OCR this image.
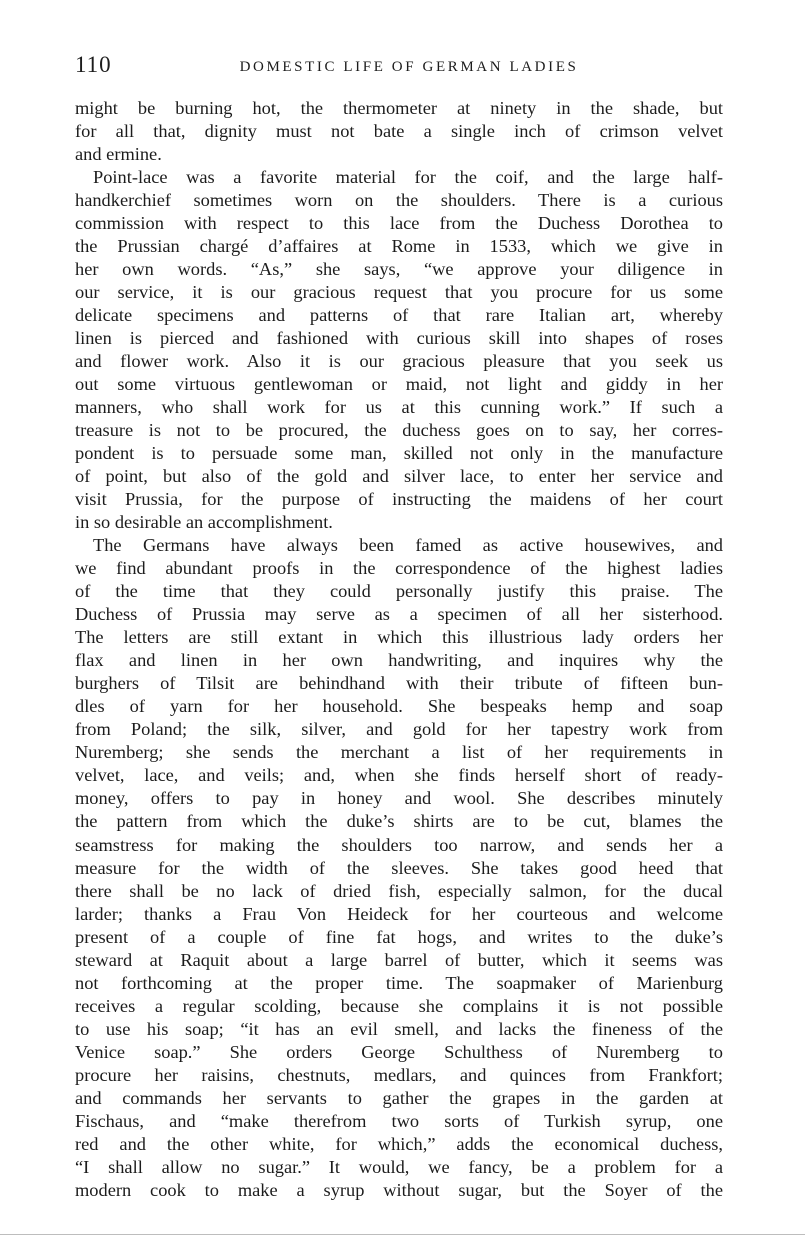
110	DOMESTIC LIFE OF GERMAN LADIES
might be burning hot, the thermometer at ninety in the shade, but
for all that, dignity must not bate a single inch of crimson velvet
and ermine.
Point-lace was a favorite material for the coif, and the large half-
handkerchief sometimes worn on the shoulders. There is a curious
commission with respect to this lace from the Duchess Dorothea to
the Prussian chargé d’affaires at Rome in 1533, which we give in
her own words. “As,” she says, “we approve your diligence in
our service, it is our gracious request that you procure for us some
delicate specimens and patterns of that rare Italian art, whereby
linen is pierced and fashioned with curious skill into shapes of roses
and flower work. Also it is our gracious pleasure that you seek us
out some virtuous gentlewoman or maid, not light and giddy in her
manners, who shall work for us at this cunning work.” If such a
treasure is not to be procured, the duchess goes on to say, her corres-
pondent is to persuade some man, skilled not only in the manufacture
of point, but also of the gold and silver lace, to enter her service and
visit Prussia, for the purpose of instructing the maidens of her court
in so desirable an accomplishment.
The Germans have always been famed as active housewives, and
we find abundant proofs in the correspondence of the highest ladies
of the time that they could personally justify this praise. The
Duchess of Prussia may serve as a specimen of all her sisterhood.
The letters are still extant in which this illustrious lady orders her
flax and linen in her own handwriting, and inquires why the
burghers of Tilsit are behindhand with their tribute of fifteen bun-
dles of yarn for her household. She bespeaks hemp and soap
from Poland; the silk, silver, and gold for her tapestry work from
Nuremberg; she sends the merchant a list of her requirements in
velvet, lace, and veils; and, when she finds herself short of ready-
money, offers to pay in honey and wool. She describes minutely
the pattern from which the duke’s shirts are to be cut, blames the
seamstress for making the shoulders too narrow, and sends her a
measure for the width of the sleeves. She takes good heed that
there shall be no lack of dried fish, especially salmon, for the ducal
larder; thanks a Frau Von Heideck for her courteous and welcome
present of a couple of fine fat hogs, and writes to the duke’s
steward at Raquit about a large barrel of butter, which it seems was
not forthcoming at the proper time. The soapmaker of Marienburg
receives a regular scolding, because she complains it is not possible
to use his soap; “it has an evil smell, and lacks the fineness of the
Venice soap.” She orders George Schulthess of Nuremberg to
procure her raisins, chestnuts, medlars, and quinces from Frankfort;
and commands her servants to gather the grapes in the garden at
Fischaus, and “make therefrom two sorts of Turkish syrup, one
red and the other white, for which,” adds the economical duchess,
“I shall allow no sugar.” It would, we fancy, be a problem for a
modern cook to make a syrup without sugar, but the Soyer of the
